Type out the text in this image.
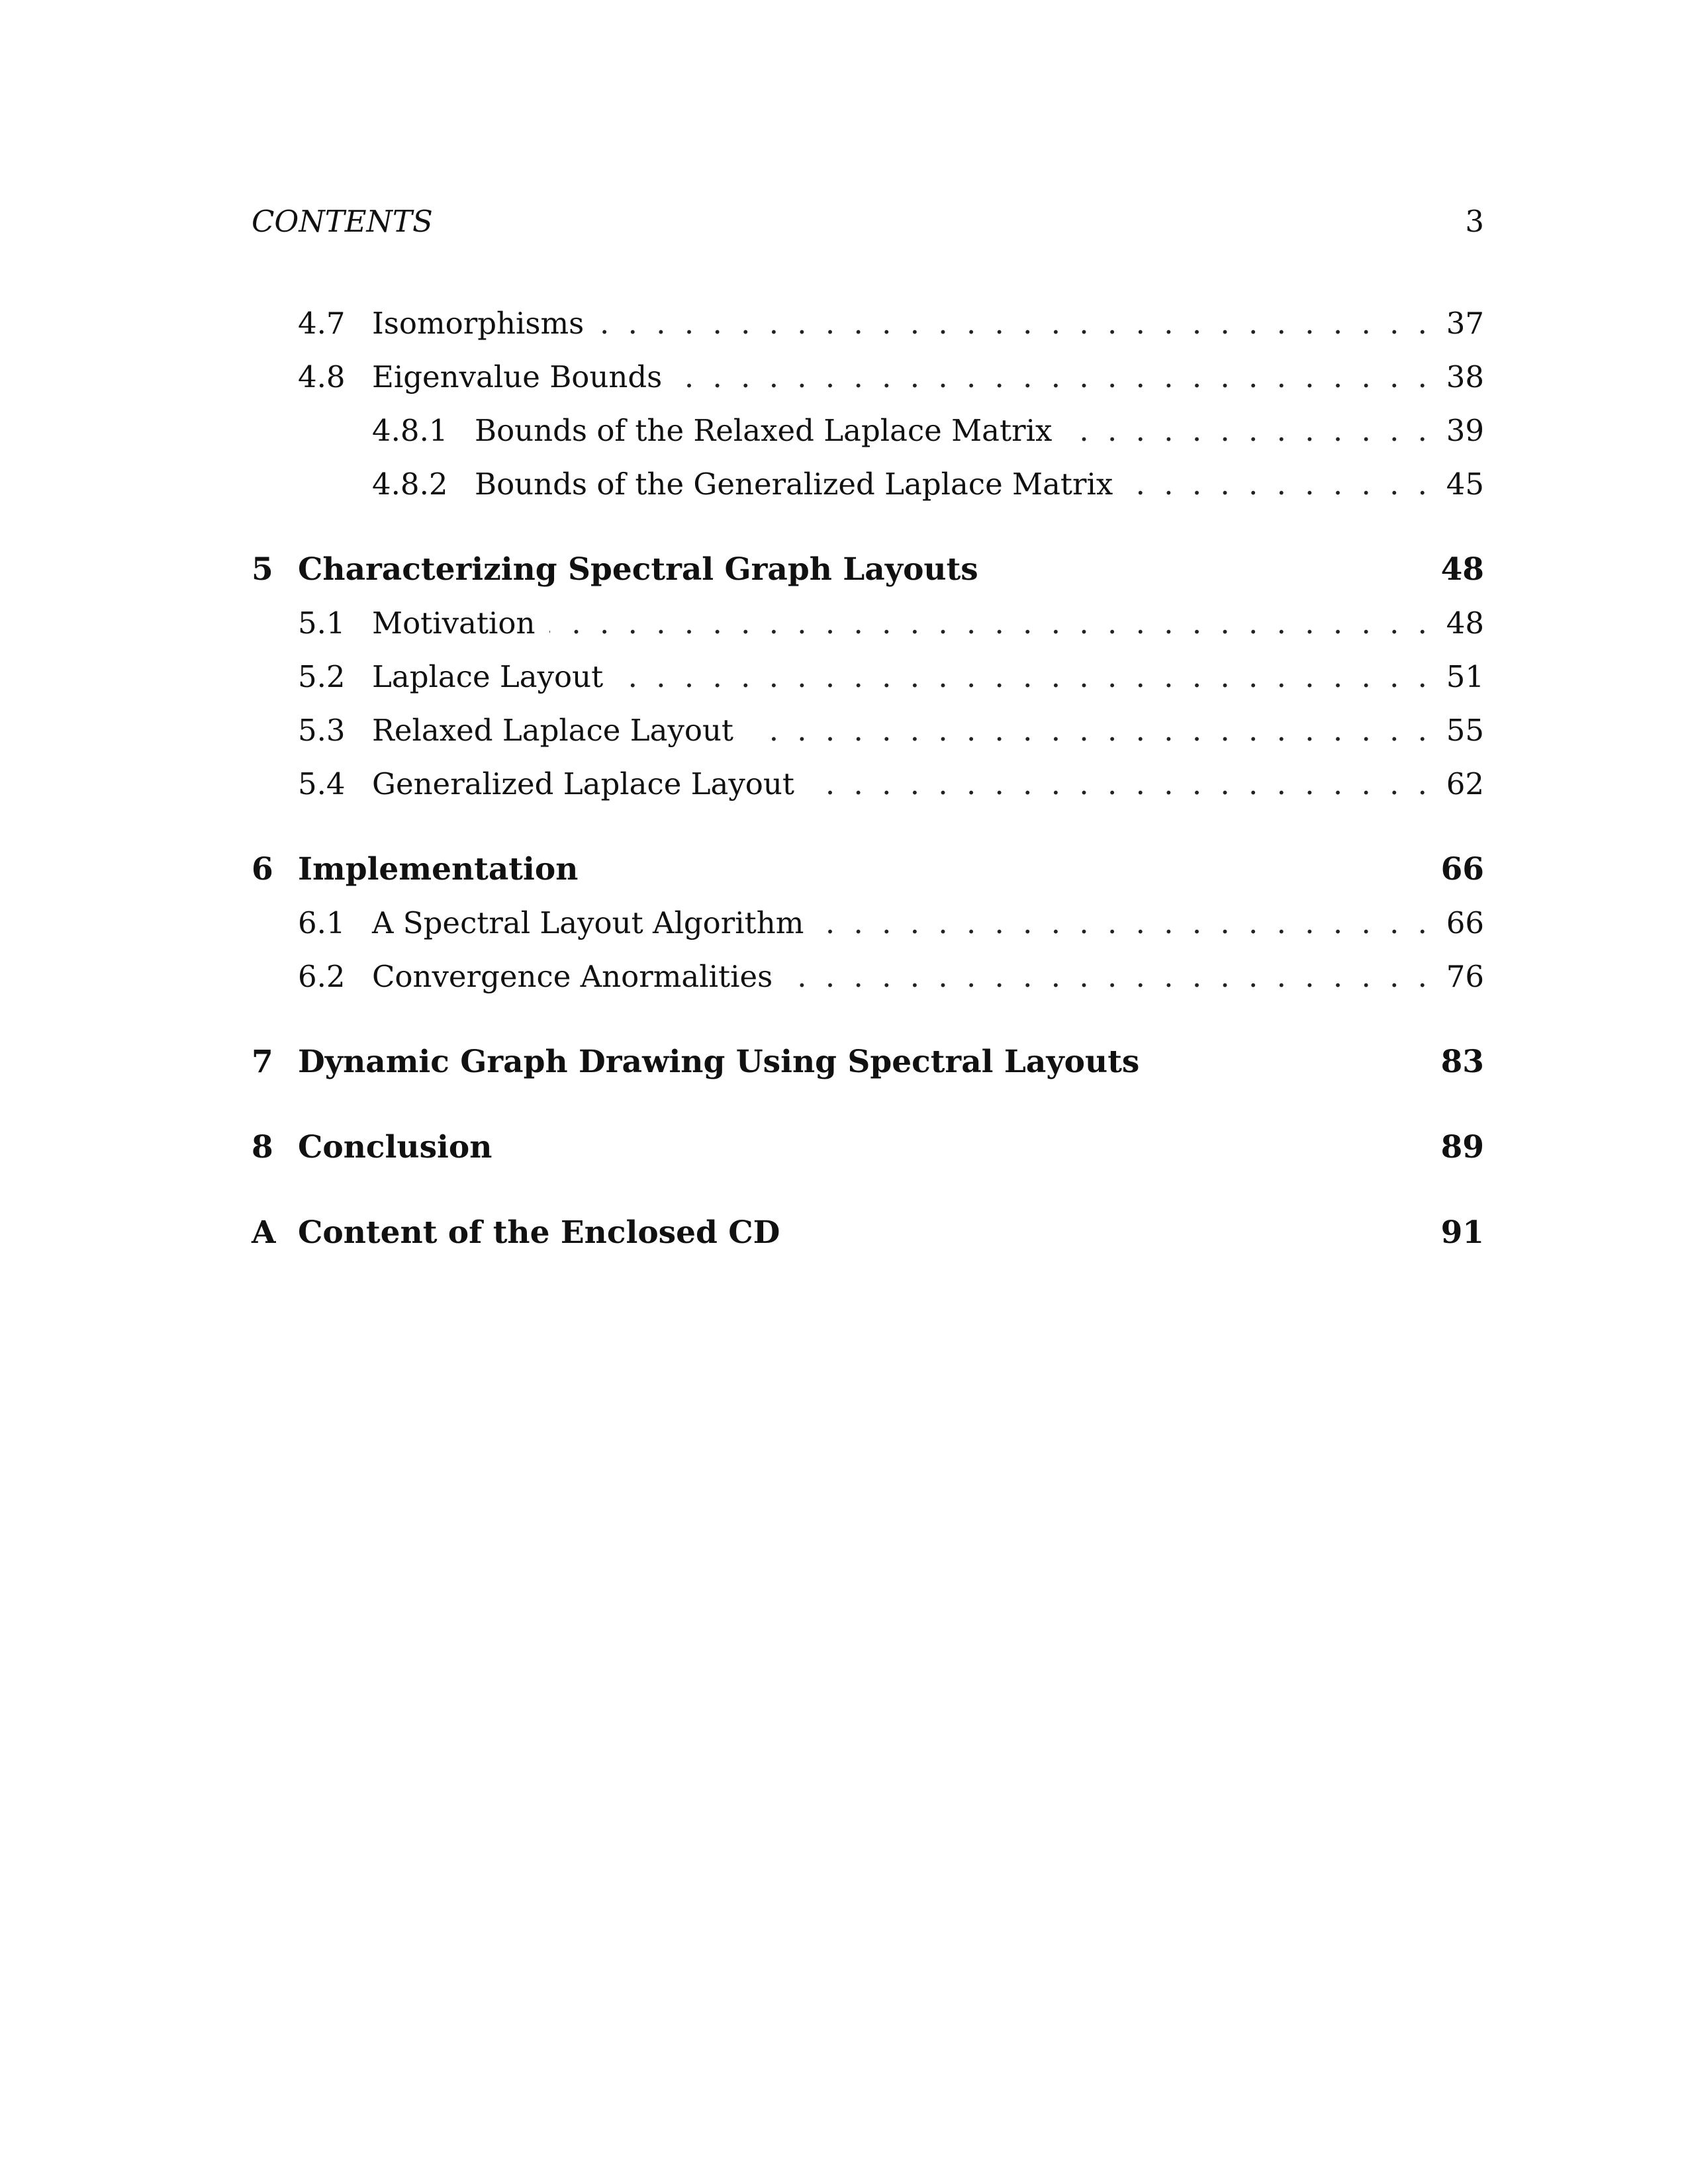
CONTENTS	3
4.7 . . . Isomorphisms	37
4.8 . . . Eigenvalue Bounds	38
4.8.1 . . . Bounds of the Relaxed Laplace Matrix	39
4.8.2 . . . Bounds of the Generalized Laplace Matrix	45
5 Characterizing Spectral Graph Layouts	48
5.1 . . . Motivation	48
5.2 . . . Laplace Layout	51
5.3 . . . Relaxed Laplace Layout	55
5.4 . . . Generalized Laplace Layout	62
6 Implementation	66
6.1 . . . A Spectral Layout Algorithm	66
6.2 . . . Convergence Anormalities	76
7 Dynamic Graph Drawing Using Spectral Layouts	83
8 Conclusion	89
A Content of the Enclosed CD	91
